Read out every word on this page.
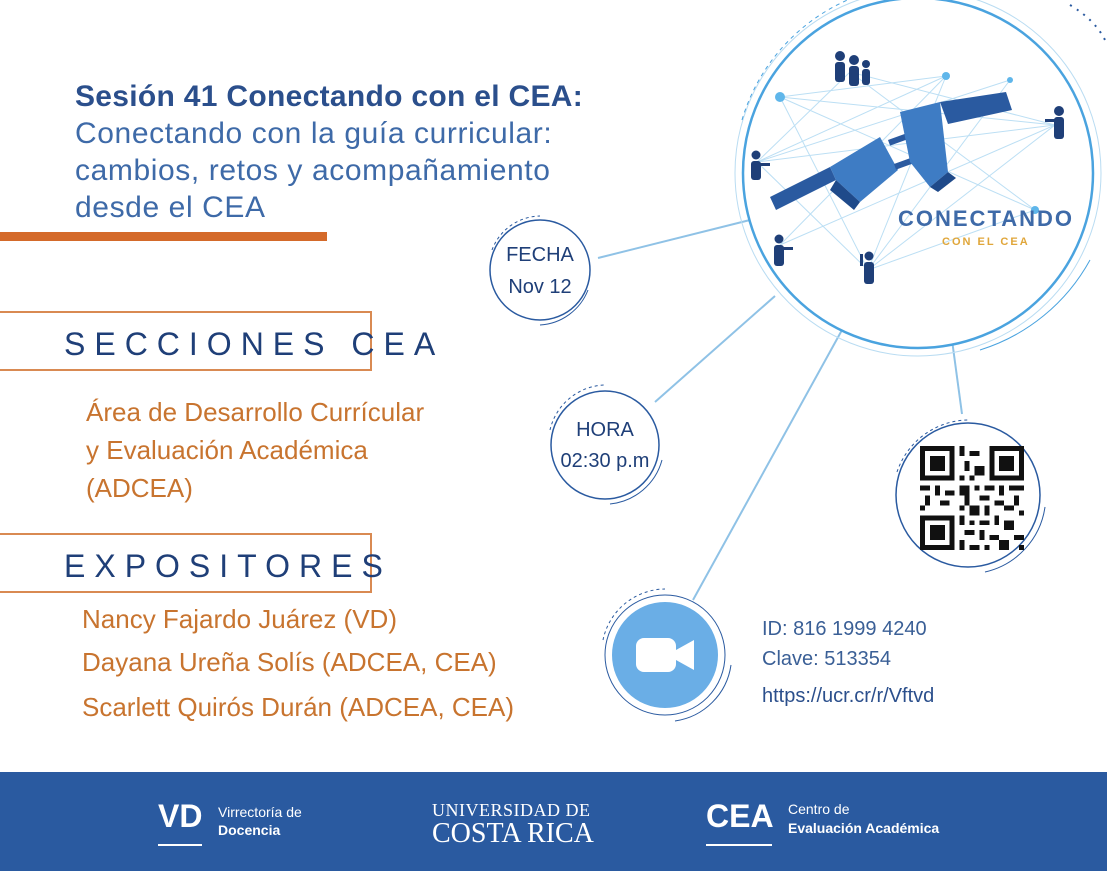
CONECTANDO
CON EL CEA
Sesión 41 Conectando con el CEA:
Conectando con la guía curricular:
cambios, retos y acompañamiento
desde el CEA
FECHA
Nov 12
HORA
02:30 p.m
SECCIONES CEA
Área de Desarrollo Currícular
y Evaluación Académica
(ADCEA)
EXPOSITORES
Nancy Fajardo Juárez (VD)
Dayana Ureña Solís (ADCEA, CEA)
Scarlett Quirós Durán (ADCEA, CEA)
ID: 816 1999 4240
Clave: 513354
https://ucr.cr/r/Vftvd
VD Virrectoría de
Docencia
UNIVERSIDAD DE
COSTA RICA	CEA Centro de
Evaluación Académica
